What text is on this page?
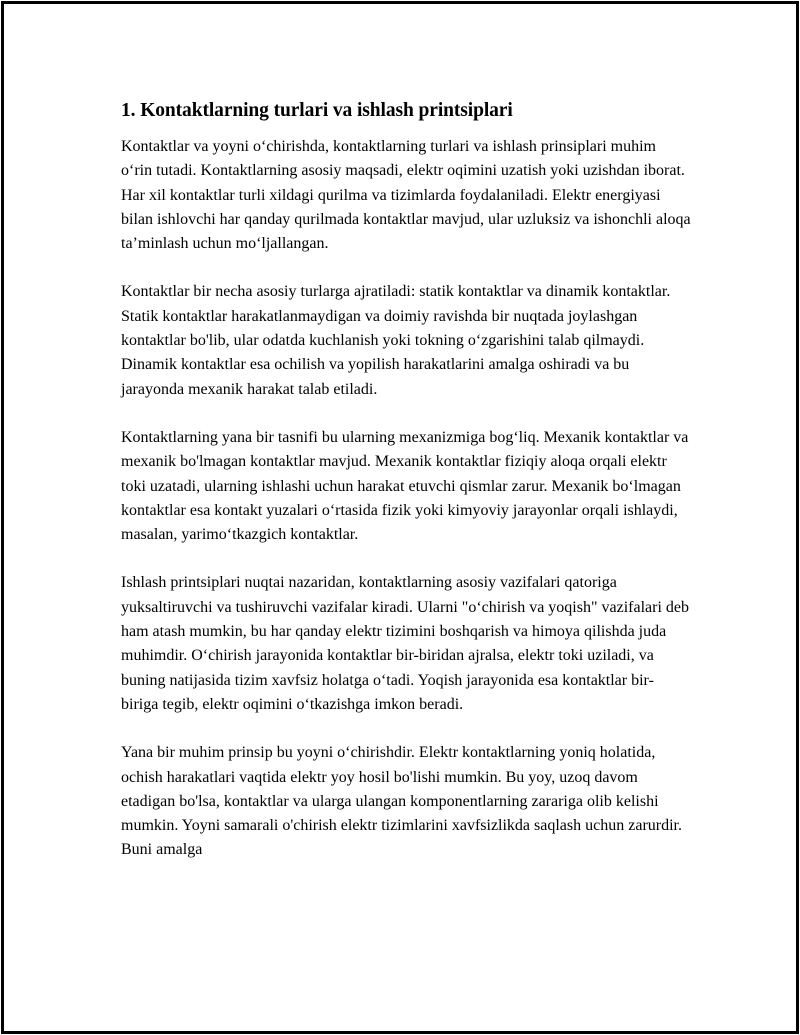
1. Kontaktlarning turlari va ishlash printsiplari

Kontaktlar va yoyni o‘chirishda, kontaktlarning turlari va ishlash prinsiplari muhim o‘rin tutadi. Kontaktlarning asosiy maqsadi, elektr oqimini uzatish yoki uzishdan iborat. Har xil kontaktlar turli xildagi qurilma va tizimlarda foydalaniladi. Elektr energiyasi bilan ishlovchi har qanday qurilmada kontaktlar mavjud, ular uzluksiz va ishonchli aloqa ta’minlash uchun mo‘ljallangan.

Kontaktlar bir necha asosiy turlarga ajratiladi: statik kontaktlar va dinamik kontaktlar. Statik kontaktlar harakatlanmaydigan va doimiy ravishda bir nuqtada joylashgan kontaktlar bo'lib, ular odatda kuchlanish yoki tokning o‘zgarishini talab qilmaydi. Dinamik kontaktlar esa ochilish va yopilish harakatlarini amalga oshiradi va bu jarayonda mexanik harakat talab etiladi.

Kontaktlarning yana bir tasnifi bu ularning mexanizmiga bog‘liq. Mexanik kontaktlar va mexanik bo'lmagan kontaktlar mavjud. Mexanik kontaktlar fiziqiy aloqa orqali elektr toki uzatadi, ularning ishlashi uchun harakat etuvchi qismlar zarur. Mexanik bo‘lmagan kontaktlar esa kontakt yuzalari o‘rtasida fizik yoki kimyoviy jarayonlar orqali ishlaydi, masalan, yarimo‘tkazgich kontaktlar.

Ishlash printsiplari nuqtai nazaridan, kontaktlarning asosiy vazifalari qatoriga yuksaltiruvchi va tushiruvchi vazifalar kiradi. Ularni "o‘chirish va yoqish" vazifalari deb ham atash mumkin, bu har qanday elektr tizimini boshqarish va himoya qilishda juda muhimdir. O‘chirish jarayonida kontaktlar bir-biridan ajralsa, elektr toki uziladi, va buning natijasida tizim xavfsiz holatga o‘tadi. Yoqish jarayonida esa kontaktlar bir-biriga tegib, elektr oqimini o‘tkazishga imkon beradi.

Yana bir muhim prinsip bu yoyni o‘chirishdir. Elektr kontaktlarning yoniq holatida, ochish harakatlari vaqtida elektr yoy hosil bo'lishi mumkin. Bu yoy, uzoq davom etadigan bo'lsa, kontaktlar va ularga ulangan komponentlarning zarariga olib kelishi mumkin. Yoyni samarali o'chirish elektr tizimlarini xavfsizlikda saqlash uchun zarurdir. Buni amalga
